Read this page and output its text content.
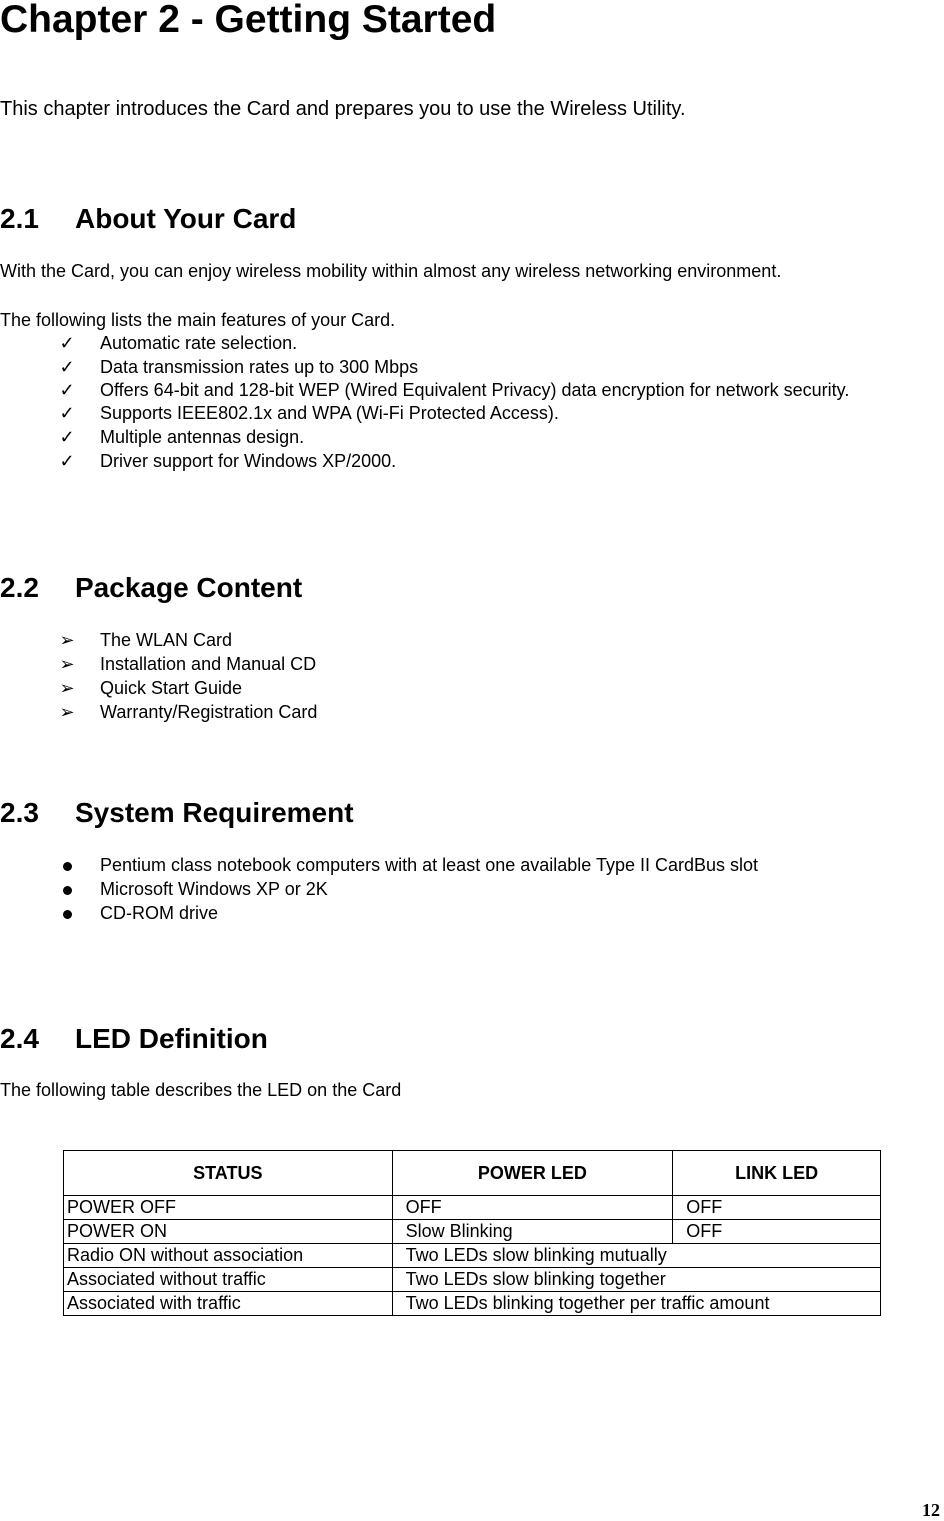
Chapter 2 - Getting Started

This chapter introduces the Card and prepares you to use the Wireless Utility.

2.1 About Your Card

With the Card, you can enjoy wireless mobility within almost any wireless networking environment.

The following lists the main features of your Card.

✓	Automatic rate selection.
✓	Data transmission rates up to 300 Mbps
✓	Offers 64-bit and 128-bit WEP (Wired Equivalent Privacy) data encryption for network security.
✓	Supports IEEE802.1x and WPA (Wi-Fi Protected Access).
✓	Multiple antennas design.
✓	Driver support for Windows XP/2000.
2.2 Package Content
➢	The WLAN Card
➢	Installation and Manual CD
➢	Quick Start Guide
➢	Warranty/Registration Card
2.3 System Requirement
Pentium class notebook computers with at least one available Type II CardBus slot
Microsoft Windows XP or 2K
CD-ROM drive
2.4 LED Definition

The following table describes the LED on the Card

STATUS	POWER LED	LINK LED
POWER OFF	OFF	OFF
POWER ON	Slow Blinking	OFF
Radio ON without association	Two LEDs slow blinking mutually	
Associated without traffic	Two LEDs slow blinking together	
Associated with traffic	Two LEDs blinking together per traffic amount	
12
